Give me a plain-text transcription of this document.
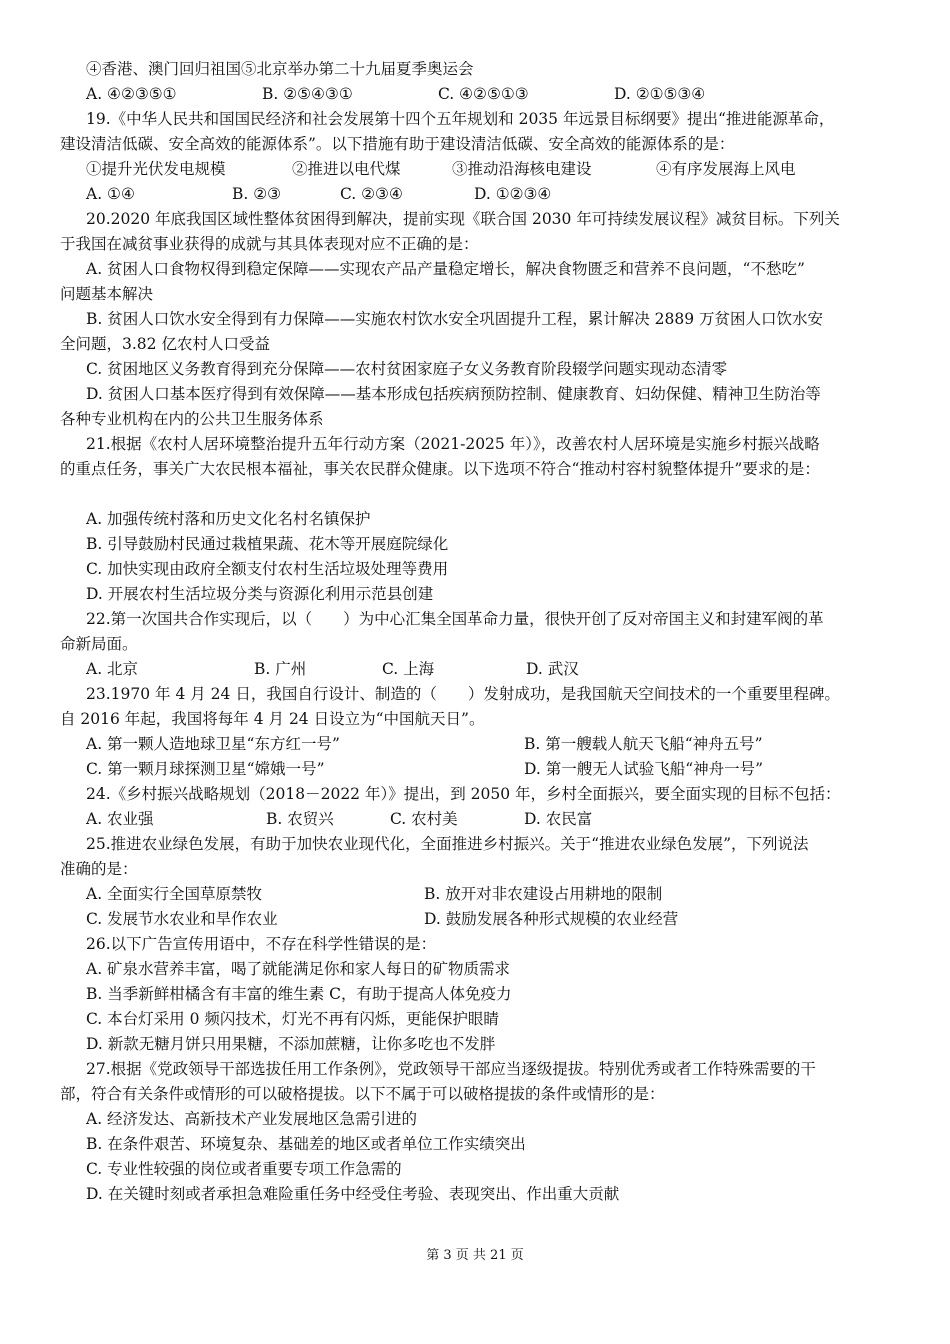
④香港、澳门回归祖国⑤北京举办第二十九届夏季奥运会
A. ④②③⑤①	B. ②⑤④③①	C. ④②⑤①③	D. ②①⑤③④
19.《中华人民共和国国民经济和社会发展第十四个五年规划和 2035 年远景目标纲要》提出“推进能源革命，
建设清洁低碳、安全高效的能源体系”。以下措施有助于建设清洁低碳、安全高效的能源体系的是：
①提升光伏发电规模	②推进以电代煤	③推动沿海核电建设	④有序发展海上风电
A. ①④	B. ②③	C. ②③④	D. ①②③④
20.2020 年底我国区域性整体贫困得到解决，提前实现《联合国 2030 年可持续发展议程》减贫目标。下列关
于我国在减贫事业获得的成就与其具体表现对应不正确的是：
A. 贫困人口食物权得到稳定保障——实现农产品产量稳定增长，解决食物匮乏和营养不良问题，“不愁吃”
问题基本解决
B. 贫困人口饮水安全得到有力保障——实施农村饮水安全巩固提升工程，累计解决 2889 万贫困人口饮水安
全问题，3.82 亿农村人口受益
C. 贫困地区义务教育得到充分保障——农村贫困家庭子女义务教育阶段辍学问题实现动态清零
D. 贫困人口基本医疗得到有效保障——基本形成包括疾病预防控制、健康教育、妇幼保健、精神卫生防治等
各种专业机构在内的公共卫生服务体系
21.根据《农村人居环境整治提升五年行动方案（2021-2025 年）》，改善农村人居环境是实施乡村振兴战略
的重点任务，事关广大农民根本福祉，事关农民群众健康。以下选项不符合“推动村容村貌整体提升”要求的是：
A. 加强传统村落和历史文化名村名镇保护
B. 引导鼓励村民通过栽植果蔬、花木等开展庭院绿化
C. 加快实现由政府全额支付农村生活垃圾处理等费用
D. 开展农村生活垃圾分类与资源化利用示范县创建
22.第一次国共合作实现后，以（　　）为中心汇集全国革命力量，很快开创了反对帝国主义和封建军阀的革
命新局面。
A. 北京	B. 广州	C. 上海	D. 武汉
23.1970 年 4 月 24 日，我国自行设计、制造的（　　）发射成功，是我国航天空间技术的一个重要里程碑。
自 2016 年起，我国将每年 4 月 24 日设立为“中国航天日”。
A. 第一颗人造地球卫星“东方红一号”	B. 第一艘载人航天飞船“神舟五号”
C. 第一颗月球探测卫星“嫦娥一号”	D. 第一艘无人试验飞船“神舟一号”
24.《乡村振兴战略规划（2018－2022 年）》提出，到 2050 年，乡村全面振兴，要全面实现的目标不包括：
A. 农业强	B. 农贸兴	C. 农村美	D. 农民富
25.推进农业绿色发展，有助于加快农业现代化，全面推进乡村振兴。关于“推进农业绿色发展”，下列说法
准确的是：
A. 全面实行全国草原禁牧	B. 放开对非农建设占用耕地的限制
C. 发展节水农业和旱作农业	D. 鼓励发展各种形式规模的农业经营
26.以下广告宣传用语中，不存在科学性错误的是：
A. 矿泉水营养丰富，喝了就能满足你和家人每日的矿物质需求
B. 当季新鲜柑橘含有丰富的维生素 C，有助于提高人体免疫力
C. 本台灯采用 0 频闪技术，灯光不再有闪烁，更能保护眼睛
D. 新款无糖月饼只用果糖，不添加蔗糖，让你多吃也不发胖
27.根据《党政领导干部选拔任用工作条例》，党政领导干部应当逐级提拔。特别优秀或者工作特殊需要的干
部，符合有关条件或情形的可以破格提拔。以下不属于可以破格提拔的条件或情形的是：
A. 经济发达、高新技术产业发展地区急需引进的
B. 在条件艰苦、环境复杂、基础差的地区或者单位工作实绩突出
C. 专业性较强的岗位或者重要专项工作急需的
D. 在关键时刻或者承担急难险重任务中经受住考验、表现突出、作出重大贡献
第 3 页 共 21 页
